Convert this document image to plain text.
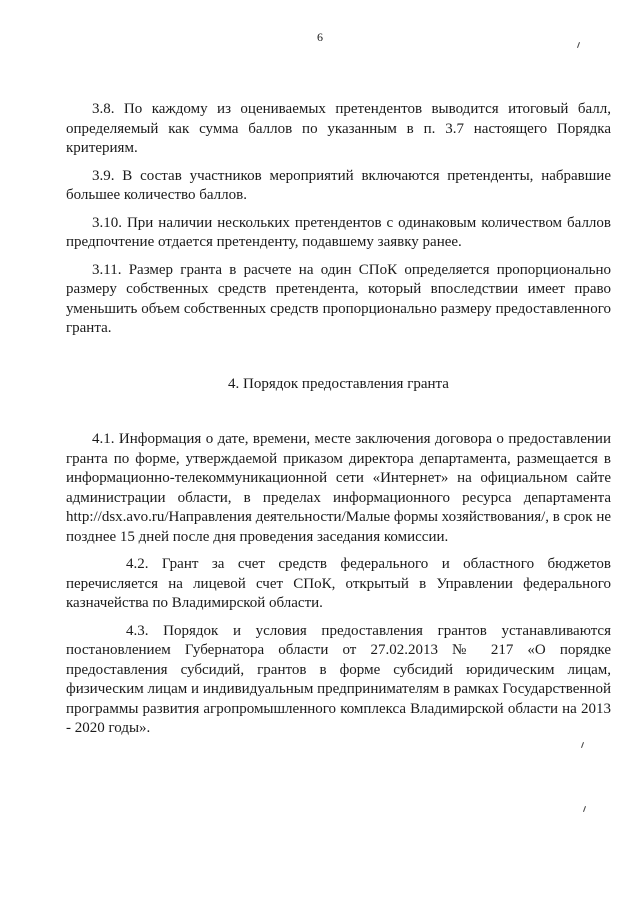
6

3.8. По каждому из оцениваемых претендентов выводится итоговый балл, определяемый как сумма баллов по указанным в п. 3.7 настоящего Порядка критериям.

3.9. В состав участников мероприятий включаются претенденты, набравшие большее количество баллов.

3.10. При наличии нескольких претендентов с одинаковым количеством баллов предпочтение отдается претенденту, подавшему заявку ранее.

3.11. Размер гранта в расчете на один СПоК определяется пропорционально размеру собственных средств претендента, который впоследствии имеет право уменьшить объем собственных средств пропорционально размеру предоставленного гранта.

4. Порядок предоставления гранта

4.1. Информация о дате, времени, месте заключения договора о предоставлении гранта по форме, утверждаемой приказом директора департамента, размещается в информационно-телекоммуникационной сети «Интернет» на официальном сайте администрации области, в пределах информационного ресурса департамента http://dsx.avo.ru/Направления деятельности/Малые формы хозяйствования/, в срок не позднее 15 дней после дня проведения заседания комиссии.

4.2. Грант за счет средств федерального и областного бюджетов перечисляется на лицевой счет СПоК, открытый в Управлении федерального казначейства по Владимирской области.

4.3. Порядок и условия предоставления грантов устанавливаются постановлением Губернатора области от 27.02.2013 № 217 «О порядке предоставления субсидий, грантов в форме субсидий юридическим лицам, физическим лицам и индивидуальным предпринимателям в рамках Государственной программы развития агропромышленного комплекса Владимирской области на 2013 - 2020 годы».
